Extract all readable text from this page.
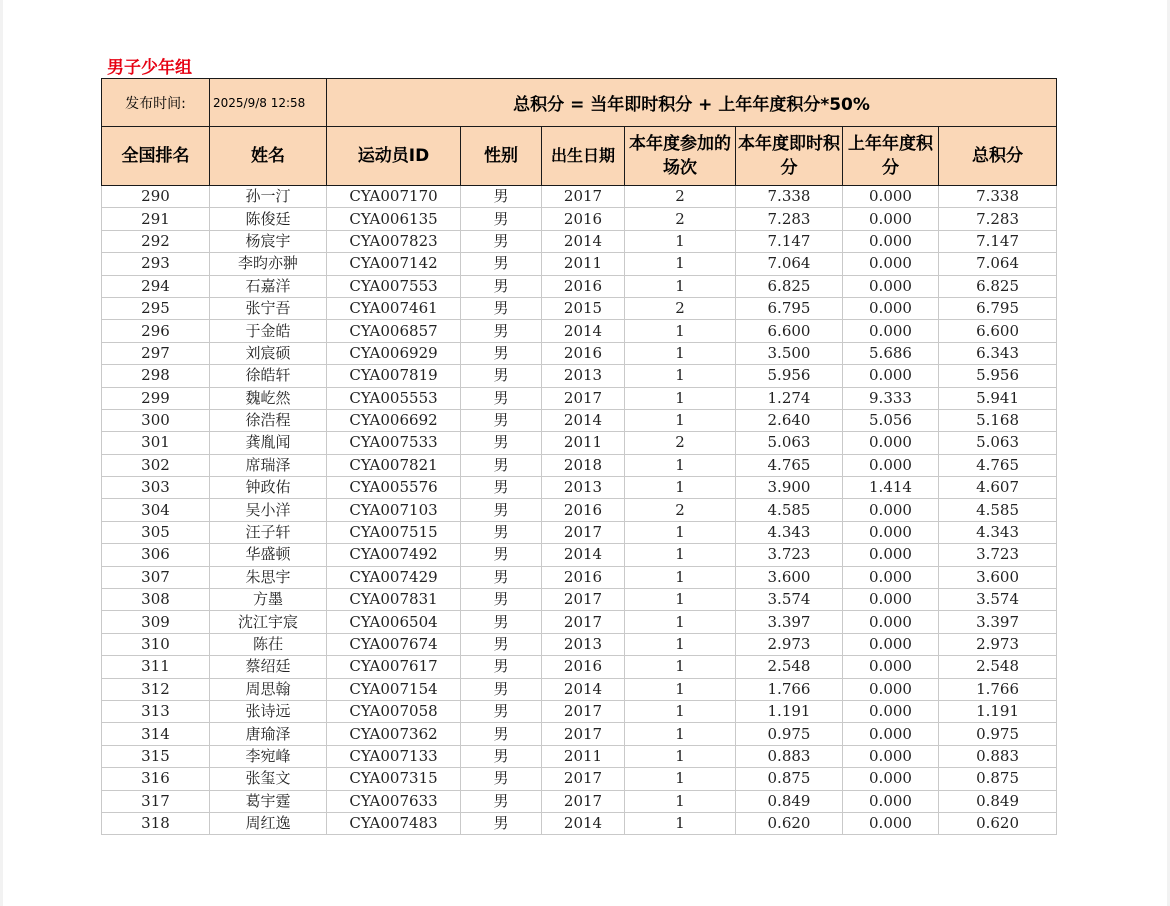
男子少年组
发布时间:	2025/9/8 12:58	总积分 = 当年即时积分 + 上年年度积分*50%						
全国排名	姓名	运动员ID	性别	出生日期	本年度参加的场次	本年度即时积分	上年年度积分	总积分
290	孙一汀	CYA007170	男	2017	2	7.338	0.000	7.338
291	陈俊廷	CYA006135	男	2016	2	7.283	0.000	7.283
292	杨宸宇	CYA007823	男	2014	1	7.147	0.000	7.147
293	李昀亦翀	CYA007142	男	2011	1	7.064	0.000	7.064
294	石嘉洋	CYA007553	男	2016	1	6.825	0.000	6.825
295	张宁吾	CYA007461	男	2015	2	6.795	0.000	6.795
296	于金皓	CYA006857	男	2014	1	6.600	0.000	6.600
297	刘宸硕	CYA006929	男	2016	1	3.500	5.686	6.343
298	徐皓轩	CYA007819	男	2013	1	5.956	0.000	5.956
299	魏屹然	CYA005553	男	2017	1	1.274	9.333	5.941
300	徐浩程	CYA006692	男	2014	1	2.640	5.056	5.168
301	龚胤闻	CYA007533	男	2011	2	5.063	0.000	5.063
302	席瑞泽	CYA007821	男	2018	1	4.765	0.000	4.765
303	钟政佑	CYA005576	男	2013	1	3.900	1.414	4.607
304	吴小洋	CYA007103	男	2016	2	4.585	0.000	4.585
305	汪子轩	CYA007515	男	2017	1	4.343	0.000	4.343
306	华盛顿	CYA007492	男	2014	1	3.723	0.000	3.723
307	朱思宇	CYA007429	男	2016	1	3.600	0.000	3.600
308	方墨	CYA007831	男	2017	1	3.574	0.000	3.574
309	沈江宇宸	CYA006504	男	2017	1	3.397	0.000	3.397
310	陈茌	CYA007674	男	2013	1	2.973	0.000	2.973
311	蔡绍廷	CYA007617	男	2016	1	2.548	0.000	2.548
312	周思翰	CYA007154	男	2014	1	1.766	0.000	1.766
313	张诗远	CYA007058	男	2017	1	1.191	0.000	1.191
314	唐瑜泽	CYA007362	男	2017	1	0.975	0.000	0.975
315	李宛峰	CYA007133	男	2011	1	0.883	0.000	0.883
316	张玺文	CYA007315	男	2017	1	0.875	0.000	0.875
317	葛宇霆	CYA007633	男	2017	1	0.849	0.000	0.849
318	周红逸	CYA007483	男	2014	1	0.620	0.000	0.620
